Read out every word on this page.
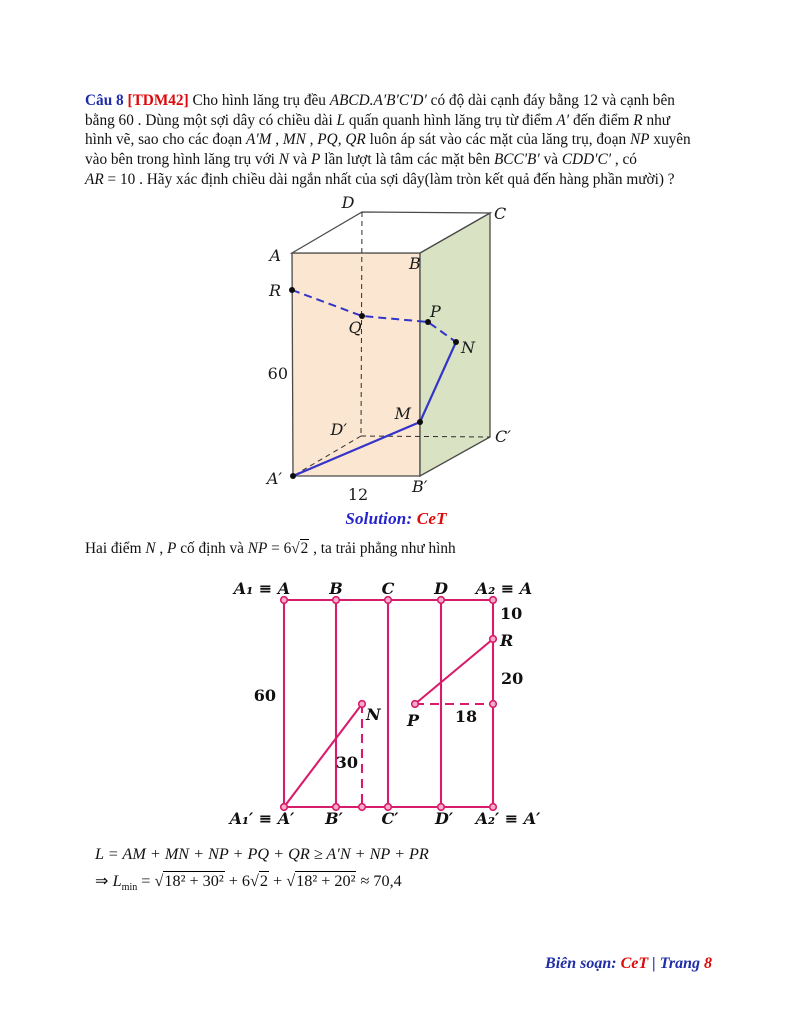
Câu 8 [TDM42] Cho hình lăng trụ đều ABCD.A′B′C′D′ có độ dài cạnh đáy bằng 12 và cạnh bên
bằng 60 . Dùng một sợi dây có chiều dài L quấn quanh hình lăng trụ từ điểm A′ đến điểm R như
hình vẽ, sao cho các đoạn A′M , MN , PQ, QR luôn áp sát vào các mặt của lăng trụ, đoạn NP xuyên
vào bên trong hình lăng trụ với N và P lần lượt là tâm các mặt bên BCC′B′ và CDD′C′ , có
AR = 10 . Hãy xác định chiều dài ngắn nhất của sợi dây(làm tròn kết quả đến hàng phần mười) ?
D
C
A	B
R
Q
P
N
M
D′	C′
A′	B′
60
12
Solution: CeT
Hai điểm N , P cố định và NP = 6√2 , ta trải phẳng như hình
A₁ ≡ A B C D A₂ ≡ A
A₁′ ≡ A′ B′ C′ D′ A₂′ ≡ A′
R
N P
60
10
20
30
18
L = AM + MN + NP + PQ + QR ≥ A′N + NP + PR
⇒ $L_{min} = √18^2 + 30^2 + 6√2 + √18^2 + 20^2 \approx 70,4$
Biên soạn: CeT | Trang 8
